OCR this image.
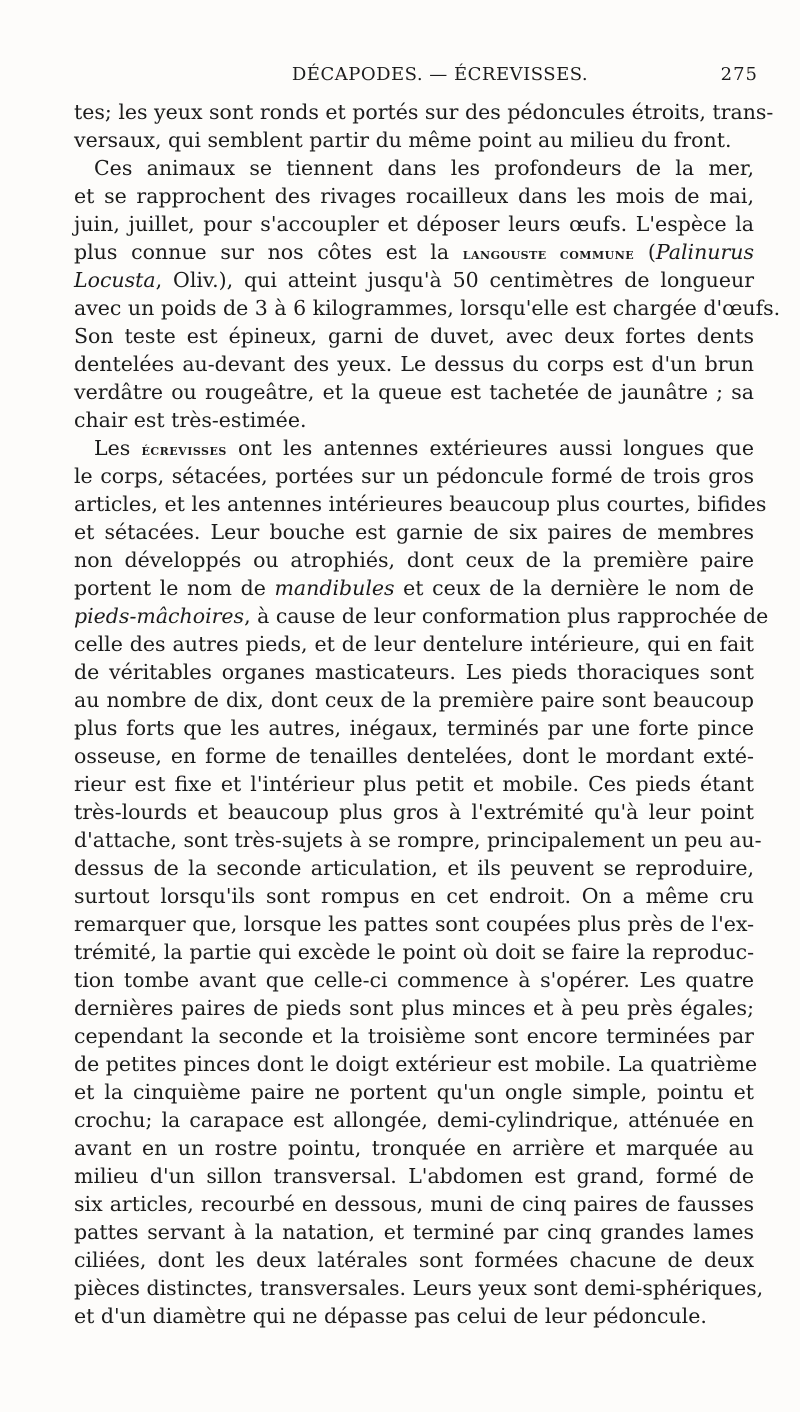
DÉCAPODES. — ÉCREVISSES.	275
tes; les yeux sont ronds et portés sur des pédoncules étroits, trans-
versaux, qui semblent partir du même point au milieu du front.
Ces animaux se tiennent dans les profondeurs de la mer,
et se rapprochent des rivages rocailleux dans les mois de mai,
juin, juillet, pour s'accoupler et déposer leurs œufs. L'espèce la
plus connue sur nos côtes est la langouste commune (Palinurus
Locusta, Oliv.), qui atteint jusqu'à 50 centimètres de longueur
avec un poids de 3 à 6 kilogrammes, lorsqu'elle est chargée d'œufs.
Son teste est épineux, garni de duvet, avec deux fortes dents
dentelées au-devant des yeux. Le dessus du corps est d'un brun
verdâtre ou rougeâtre, et la queue est tachetée de jaunâtre ; sa
chair est très-estimée.
Les écrevisses ont les antennes extérieures aussi longues que
le corps, sétacées, portées sur un pédoncule formé de trois gros
articles, et les antennes intérieures beaucoup plus courtes, bifides
et sétacées. Leur bouche est garnie de six paires de membres
non développés ou atrophiés, dont ceux de la première paire
portent le nom de mandibules et ceux de la dernière le nom de
pieds-mâchoires, à cause de leur conformation plus rapprochée de
celle des autres pieds, et de leur dentelure intérieure, qui en fait
de véritables organes masticateurs. Les pieds thoraciques sont
au nombre de dix, dont ceux de la première paire sont beaucoup
plus forts que les autres, inégaux, terminés par une forte pince
osseuse, en forme de tenailles dentelées, dont le mordant exté-
rieur est fixe et l'intérieur plus petit et mobile. Ces pieds étant
très-lourds et beaucoup plus gros à l'extrémité qu'à leur point
d'attache, sont très-sujets à se rompre, principalement un peu au-
dessus de la seconde articulation, et ils peuvent se reproduire,
surtout lorsqu'ils sont rompus en cet endroit. On a même cru
remarquer que, lorsque les pattes sont coupées plus près de l'ex-
trémité, la partie qui excède le point où doit se faire la reproduc-
tion tombe avant que celle-ci commence à s'opérer. Les quatre
dernières paires de pieds sont plus minces et à peu près égales;
cependant la seconde et la troisième sont encore terminées par
de petites pinces dont le doigt extérieur est mobile. La quatrième
et la cinquième paire ne portent qu'un ongle simple, pointu et
crochu; la carapace est allongée, demi-cylindrique, atténuée en
avant en un rostre pointu, tronquée en arrière et marquée au
milieu d'un sillon transversal. L'abdomen est grand, formé de
six articles, recourbé en dessous, muni de cinq paires de fausses
pattes servant à la natation, et terminé par cinq grandes lames
ciliées, dont les deux latérales sont formées chacune de deux
pièces distinctes, transversales. Leurs yeux sont demi-sphériques,
et d'un diamètre qui ne dépasse pas celui de leur pédoncule.
